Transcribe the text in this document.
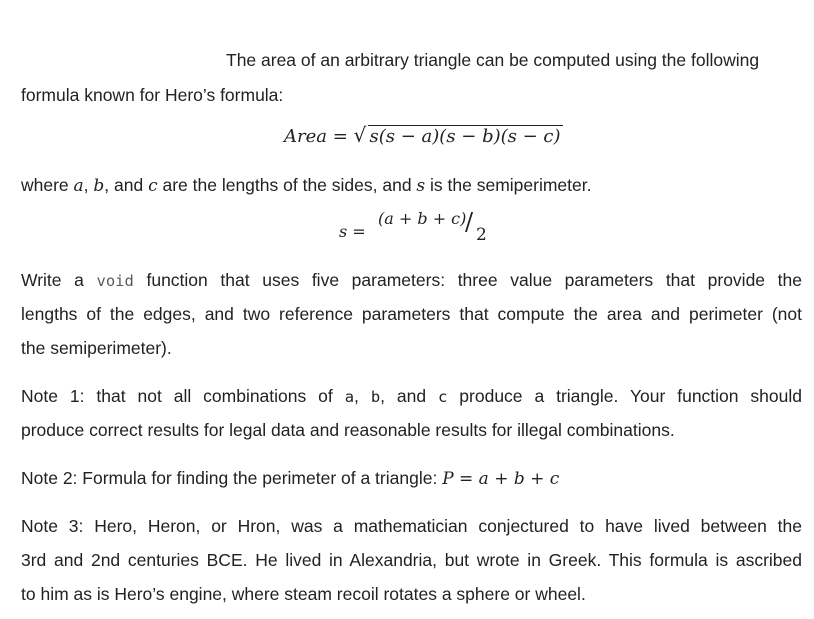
The area of an arbitrary triangle can be computed using the following

formula known for Hero’s formula:

Area = √ s(s − a)(s − b)(s − c)

where a, b, and c are the lengths of the sides, and s is the semiperimeter.

s =
(a + b + c)
/ 2

Write a void function that uses five parameters: three value parameters that provide the

lengths of the edges, and two reference parameters that compute the area and perimeter (not

the semiperimeter).

Note 1: that not all combinations of a, b, and c produce a triangle. Your function should

produce correct results for legal data and reasonable results for illegal combinations.

Note 2: Formula for finding the perimeter of a triangle: P = a + b + c

Note 3: Hero, Heron, or Hron, was a mathematician conjectured to have lived between the

3rd and 2nd centuries BCE. He lived in Alexandria, but wrote in Greek. This formula is ascribed

to him as is Hero’s engine, where steam recoil rotates a sphere or wheel.
